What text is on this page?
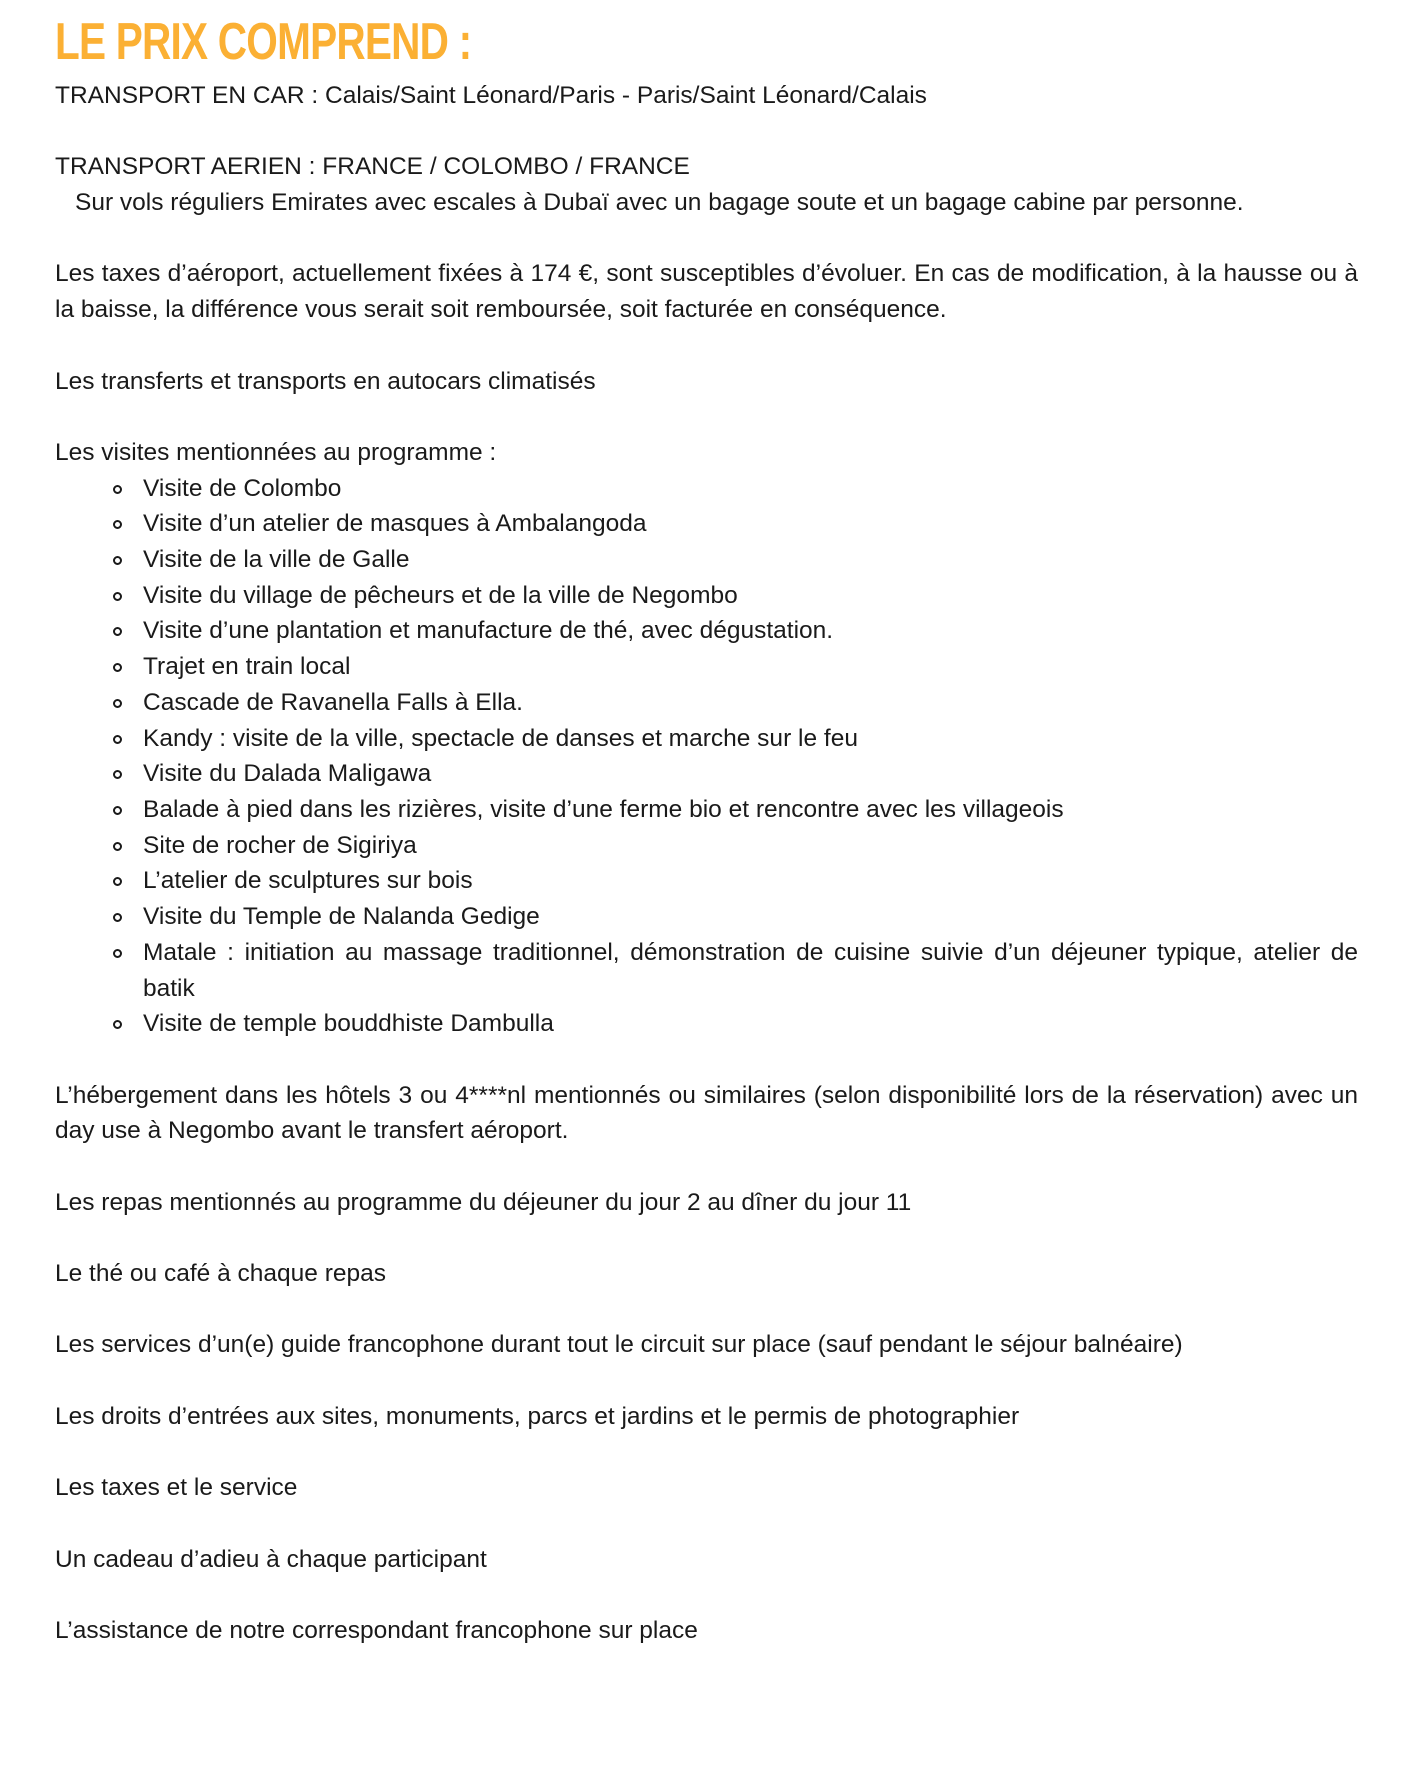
LE PRIX COMPREND :

TRANSPORT EN CAR : Calais/Saint Léonard/Paris - Paris/Saint Léonard/Calais

TRANSPORT AERIEN : FRANCE / COLOMBO / FRANCE
Sur vols réguliers Emirates avec escales à Dubaï avec un bagage soute et un bagage cabine par personne.

Les taxes d’aéroport, actuellement fixées à 174 €, sont susceptibles d’évoluer. En cas de modification, à la hausse ou à la baisse, la différence vous serait soit remboursée, soit facturée en conséquence.

Les transferts et transports en autocars climatisés

Les visites mentionnées au programme :

Visite de Colombo
Visite d’un atelier de masques à Ambalangoda
Visite de la ville de Galle
Visite du village de pêcheurs et de la ville de Negombo
Visite d’une plantation et manufacture de thé, avec dégustation.
Trajet en train local
Cascade de Ravanella Falls à Ella.
Kandy : visite de la ville, spectacle de danses et marche sur le feu
Visite du Dalada Maligawa
Balade à pied dans les rizières, visite d’une ferme bio et rencontre avec les villageois
Site de rocher de Sigiriya
L’atelier de sculptures sur bois
Visite du Temple de Nalanda Gedige
Matale : initiation au massage traditionnel, démonstration de cuisine suivie d’un déjeuner typique, atelier de batik
Visite de temple bouddhiste Dambulla

L’hébergement dans les hôtels 3 ou 4****nl mentionnés ou similaires (selon disponibilité lors de la réservation) avec un day use à Negombo avant le transfert aéroport.

Les repas mentionnés au programme du déjeuner du jour 2 au dîner du jour 11

Le thé ou café à chaque repas

Les services d’un(e) guide francophone durant tout le circuit sur place (sauf pendant le séjour balnéaire)

Les droits d’entrées aux sites, monuments, parcs et jardins et le permis de photographier

Les taxes et le service

Un cadeau d’adieu à chaque participant

L’assistance de notre correspondant francophone sur place
